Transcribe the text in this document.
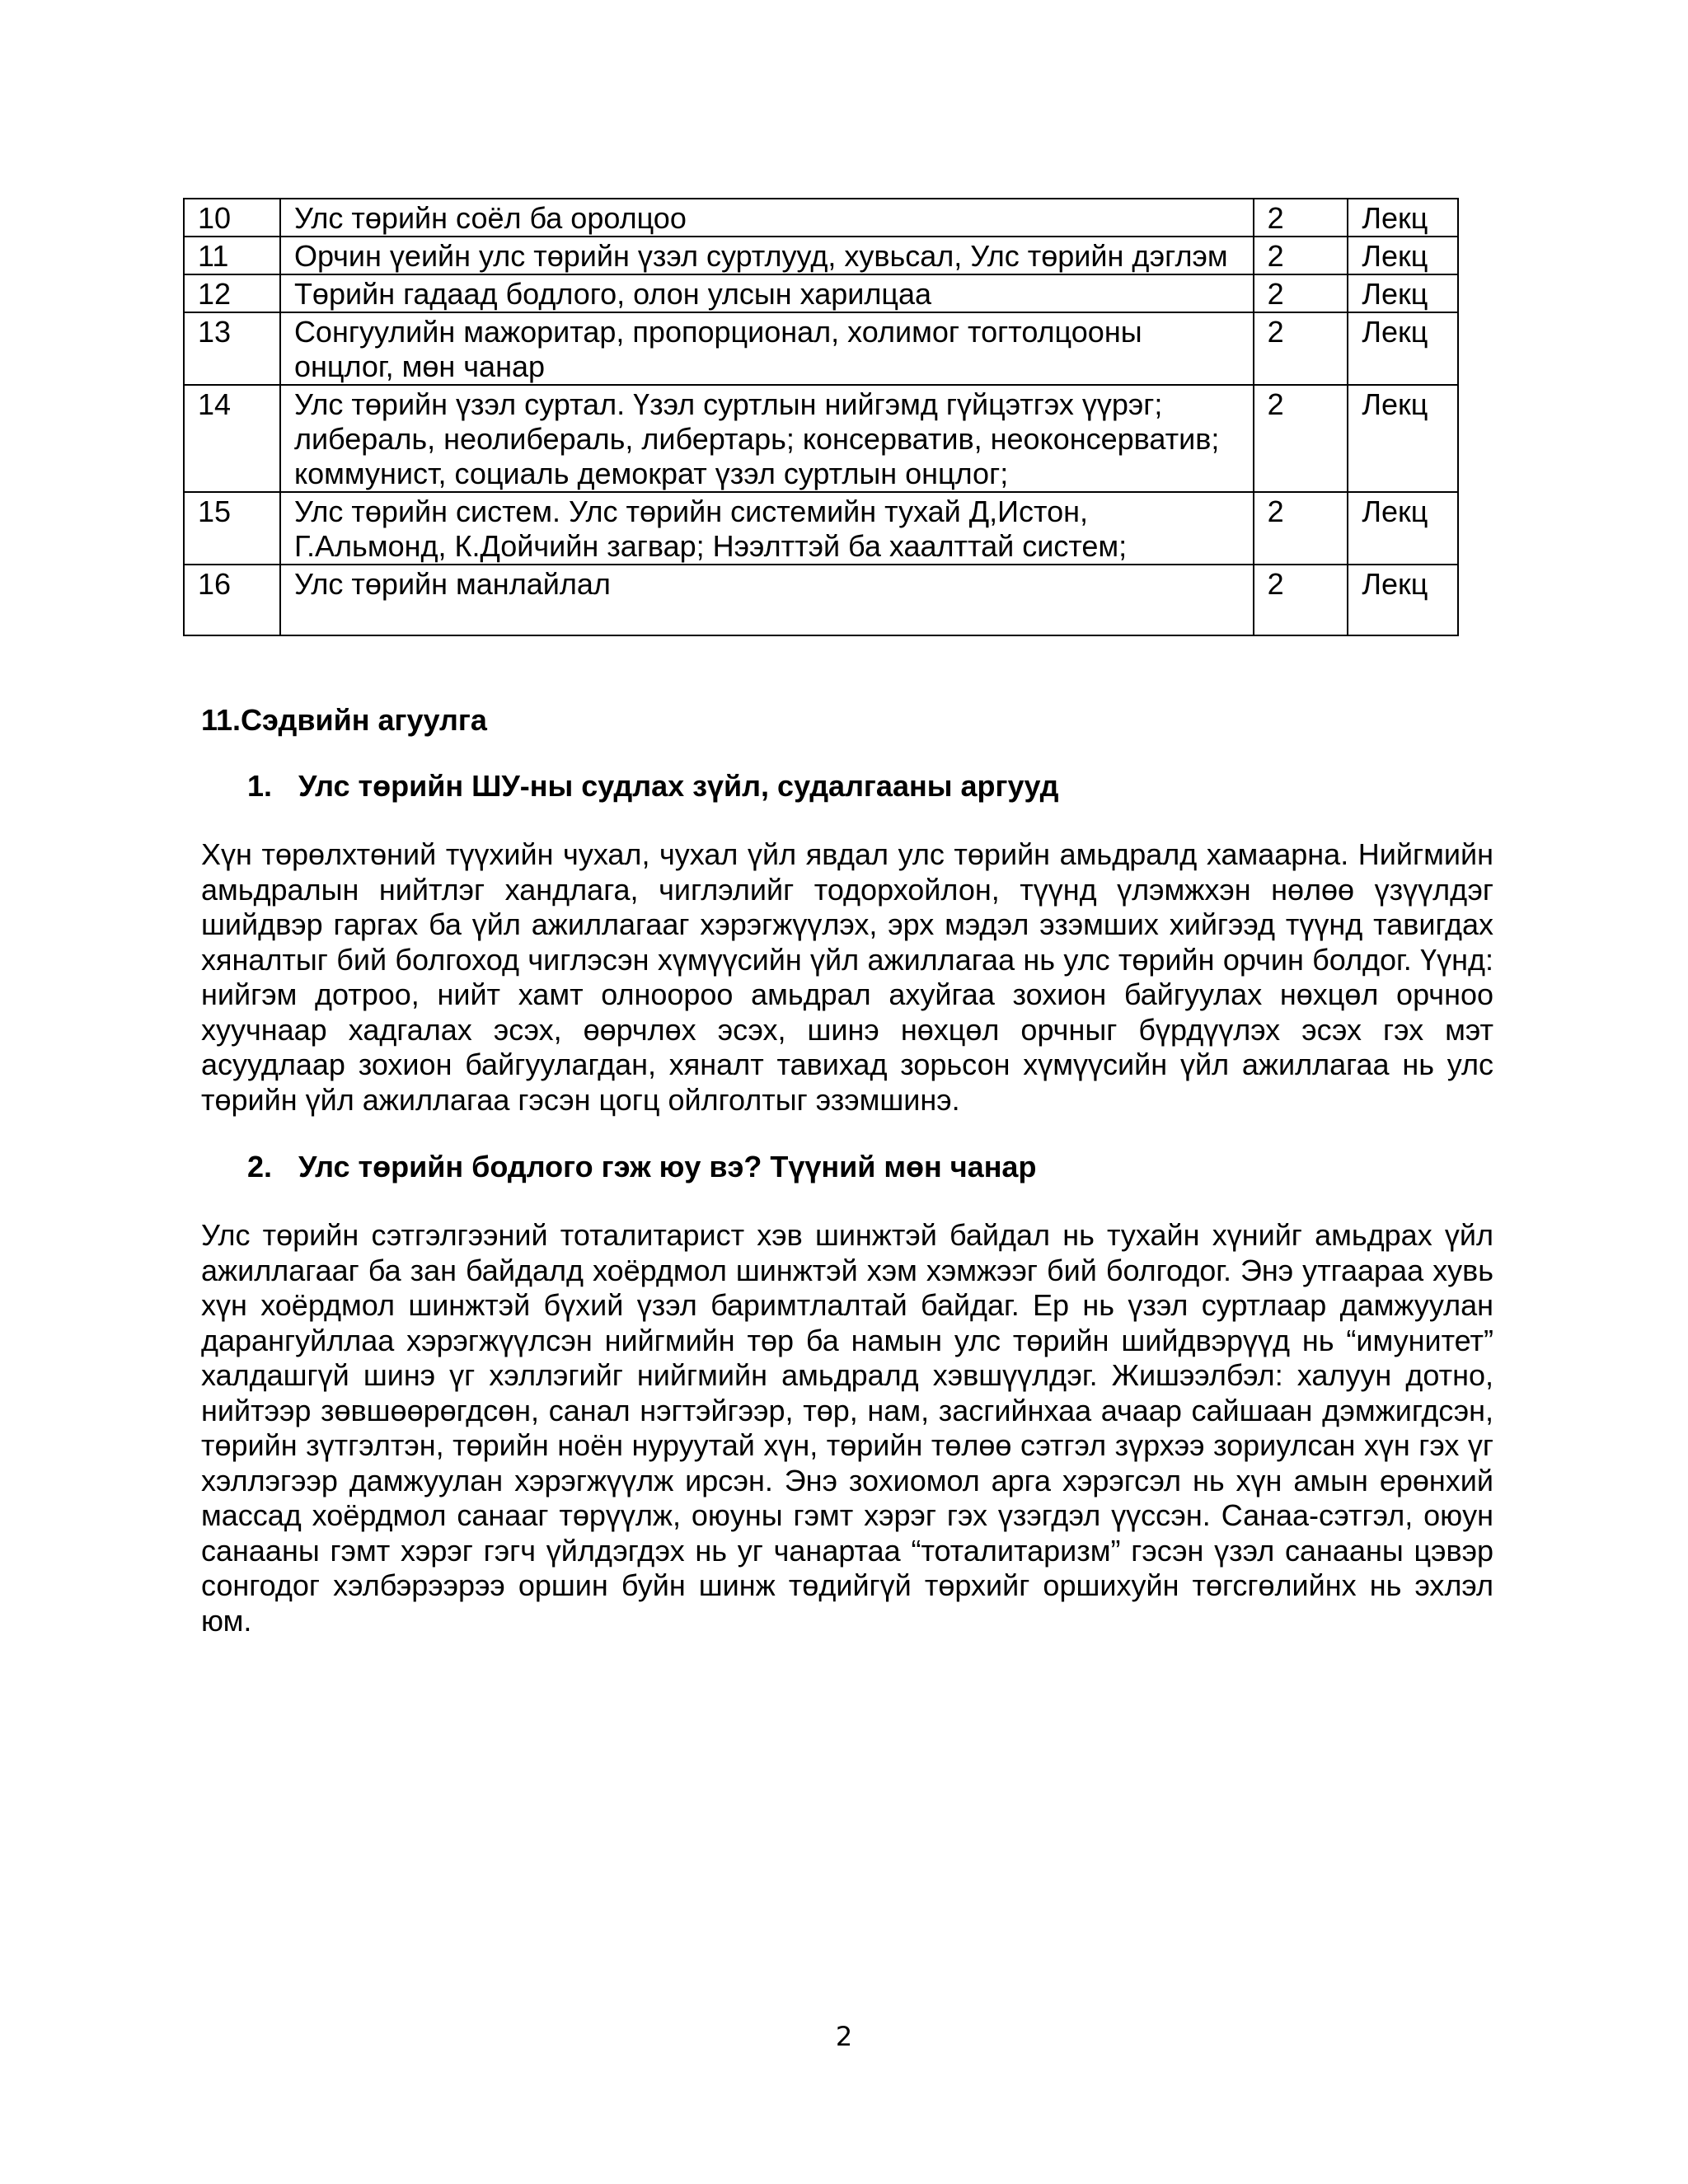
10	Улс төрийн соёл ба оролцоо	2	Лекц
11	Орчин үеийн улс төрийн үзэл суртлууд, хувьсал, Улс төрийн дэглэм	2	Лекц
12	Төрийн гадаад бодлого, олон улсын харилцаа	2	Лекц
13	Сонгуулийн мажоритар, пропорционал, холимог тогтолцооны онцлог, мөн чанар	2	Лекц
14	Улс төрийн үзэл суртал. Үзэл суртлын нийгэмд гүйцэтгэх үүрэг; либераль, неолибераль, либертарь; консерватив, неоконсерватив; коммунист, социаль демократ үзэл суртлын онцлог;	2	Лекц
15	Улс төрийн систем. Улс төрийн системийн тухай Д,Истон, Г.Альмонд, К.Дойчийн загвар; Нээлттэй ба хаалттай систем;	2	Лекц
16	Улс төрийн манлайлал	2	Лекц
11.Сэдвийн агуулга
1. Улс төрийн ШУ-ны судлах зүйл, судалгааны аргууд

Хүн төрөлхтөний түүхийн чухал, чухал үйл явдал улс төрийн амьдралд хамаарна. Нийгмийн амьдралын нийтлэг хандлага, чиглэлийг тодорхойлон, түүнд үлэмжхэн нөлөө үзүүлдэг шийдвэр гаргах ба үйл ажиллагааг хэрэгжүүлэх, эрх мэдэл эзэмших хийгээд түүнд тавигдах хяналтыг бий болгоход чиглэсэн хүмүүсийн үйл ажиллагаа нь улс төрийн орчин болдог. Үүнд: нийгэм дотроо, нийт хамт олноороо амьдрал ахуйгаа зохион байгуулах нөхцөл орчноо хуучнаар хадгалах эсэх, өөрчлөх эсэх, шинэ нөхцөл орчныг бүрдүүлэх эсэх гэх мэт асуудлаар зохион байгуулагдан, хяналт тавихад зорьсон хүмүүсийн үйл ажиллагаа нь улс төрийн үйл ажиллагаа гэсэн цогц ойлголтыг эзэмшинэ.

2. Улс төрийн бодлого гэж юу вэ? Түүний мөн чанар

Улс төрийн сэтгэлгээний тоталитарист хэв шинжтэй байдал нь тухайн хүнийг амьдрах үйл ажиллагааг ба зан байдалд хоёрдмол шинжтэй хэм хэмжээг бий болгодог. Энэ утгаараа хувь хүн хоёрдмол шинжтэй бүхий үзэл баримтлалтай байдаг. Ер нь үзэл суртлаар дамжуулан дарангуйллаа хэрэгжүүлсэн нийгмийн төр ба намын улс төрийн шийдвэрүүд нь “имунитет” халдашгүй шинэ үг хэллэгийг нийгмийн амьдралд хэвшүүлдэг. Жишээлбэл: халуун дотно, нийтээр зөвшөөрөгдсөн, санал нэгтэйгээр, төр, нам, засгийнхаа ачаар сайшаан дэмжигдсэн, төрийн зүтгэлтэн, төрийн ноён нуруутай хүн, төрийн төлөө сэтгэл зүрхээ зориулсан хүн гэх үг хэллэгээр дамжуулан хэрэгжүүлж ирсэн. Энэ зохиомол арга хэрэгсэл нь хүн амын ерөнхий массад хоёрдмол санааг төрүүлж, оюуны гэмт хэрэг гэх үзэгдэл үүссэн. Санаа-сэтгэл, оюун санааны гэмт хэрэг гэгч үйлдэгдэх нь уг чанартаа “тоталитаризм” гэсэн үзэл санааны цэвэр сонгодог хэлбэрээрээ оршин буйн шинж төдийгүй төрхийг оршихуйн төгсгөлийнх нь эхлэл юм.

2
